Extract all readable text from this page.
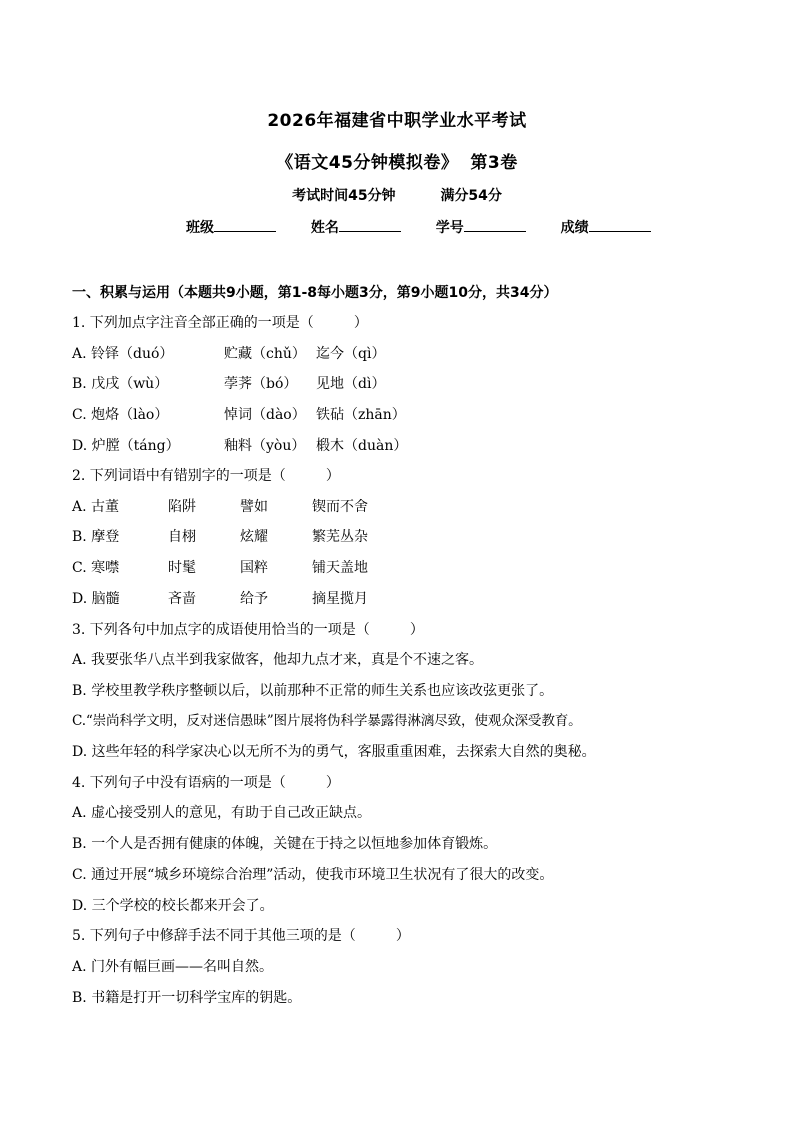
2026年福建省中职学业水平考试
《语文45分钟模拟卷》 第3卷
考试时间45分钟	满分54分
班级	姓名	学号	成绩
一、积累与运用（本题共9小题，第1-8每小题3分，第9小题10分，共34分）
1. 下列加点字注音全部正确的一项是（	）
A. 铃铎（duó）	贮藏（chǔ） 迄今（qì）
B. 戊戌（wù）	荸荠（bó） 见地（dì）
C. 炮烙（lào）	悼词（dào） 铁砧（zhān）
D. 炉膛（táng）	釉料（yòu） 椴木（duàn）
2. 下列词语中有错别字的一项是（	）
A. 古董	陷阱	譬如	锲而不舍
B. 摩登	自栩	炫耀	繁芜丛杂
C. 寒噤	时髦	国粹	铺天盖地
D. 脑髓	吝啬	给予	摘星揽月
3. 下列各句中加点字的成语使用恰当的一项是（	）
A. 我要张华八点半到我家做客，他却九点才来，真是个不速之客。
B. 学校里教学秩序整顿以后，以前那种不正常的师生关系也应该改弦更张了。
C.“崇尚科学文明，反对迷信愚昧”图片展将伪科学暴露得淋漓尽致，使观众深受教育。
D. 这些年轻的科学家决心以无所不为的勇气，客服重重困难，去探索大自然的奥秘。
4. 下列句子中没有语病的一项是（	）
A. 虚心接受别人的意见，有助于自己改正缺点。
B. 一个人是否拥有健康的体魄，关键在于持之以恒地参加体育锻炼。
C. 通过开展“城乡环境综合治理”活动，使我市环境卫生状况有了很大的改变。
D. 三个学校的校长都来开会了。
5. 下列句子中修辞手法不同于其他三项的是（	）
A. 门外有幅巨画——名叫自然。
B. 书籍是打开一切科学宝库的钥匙。
